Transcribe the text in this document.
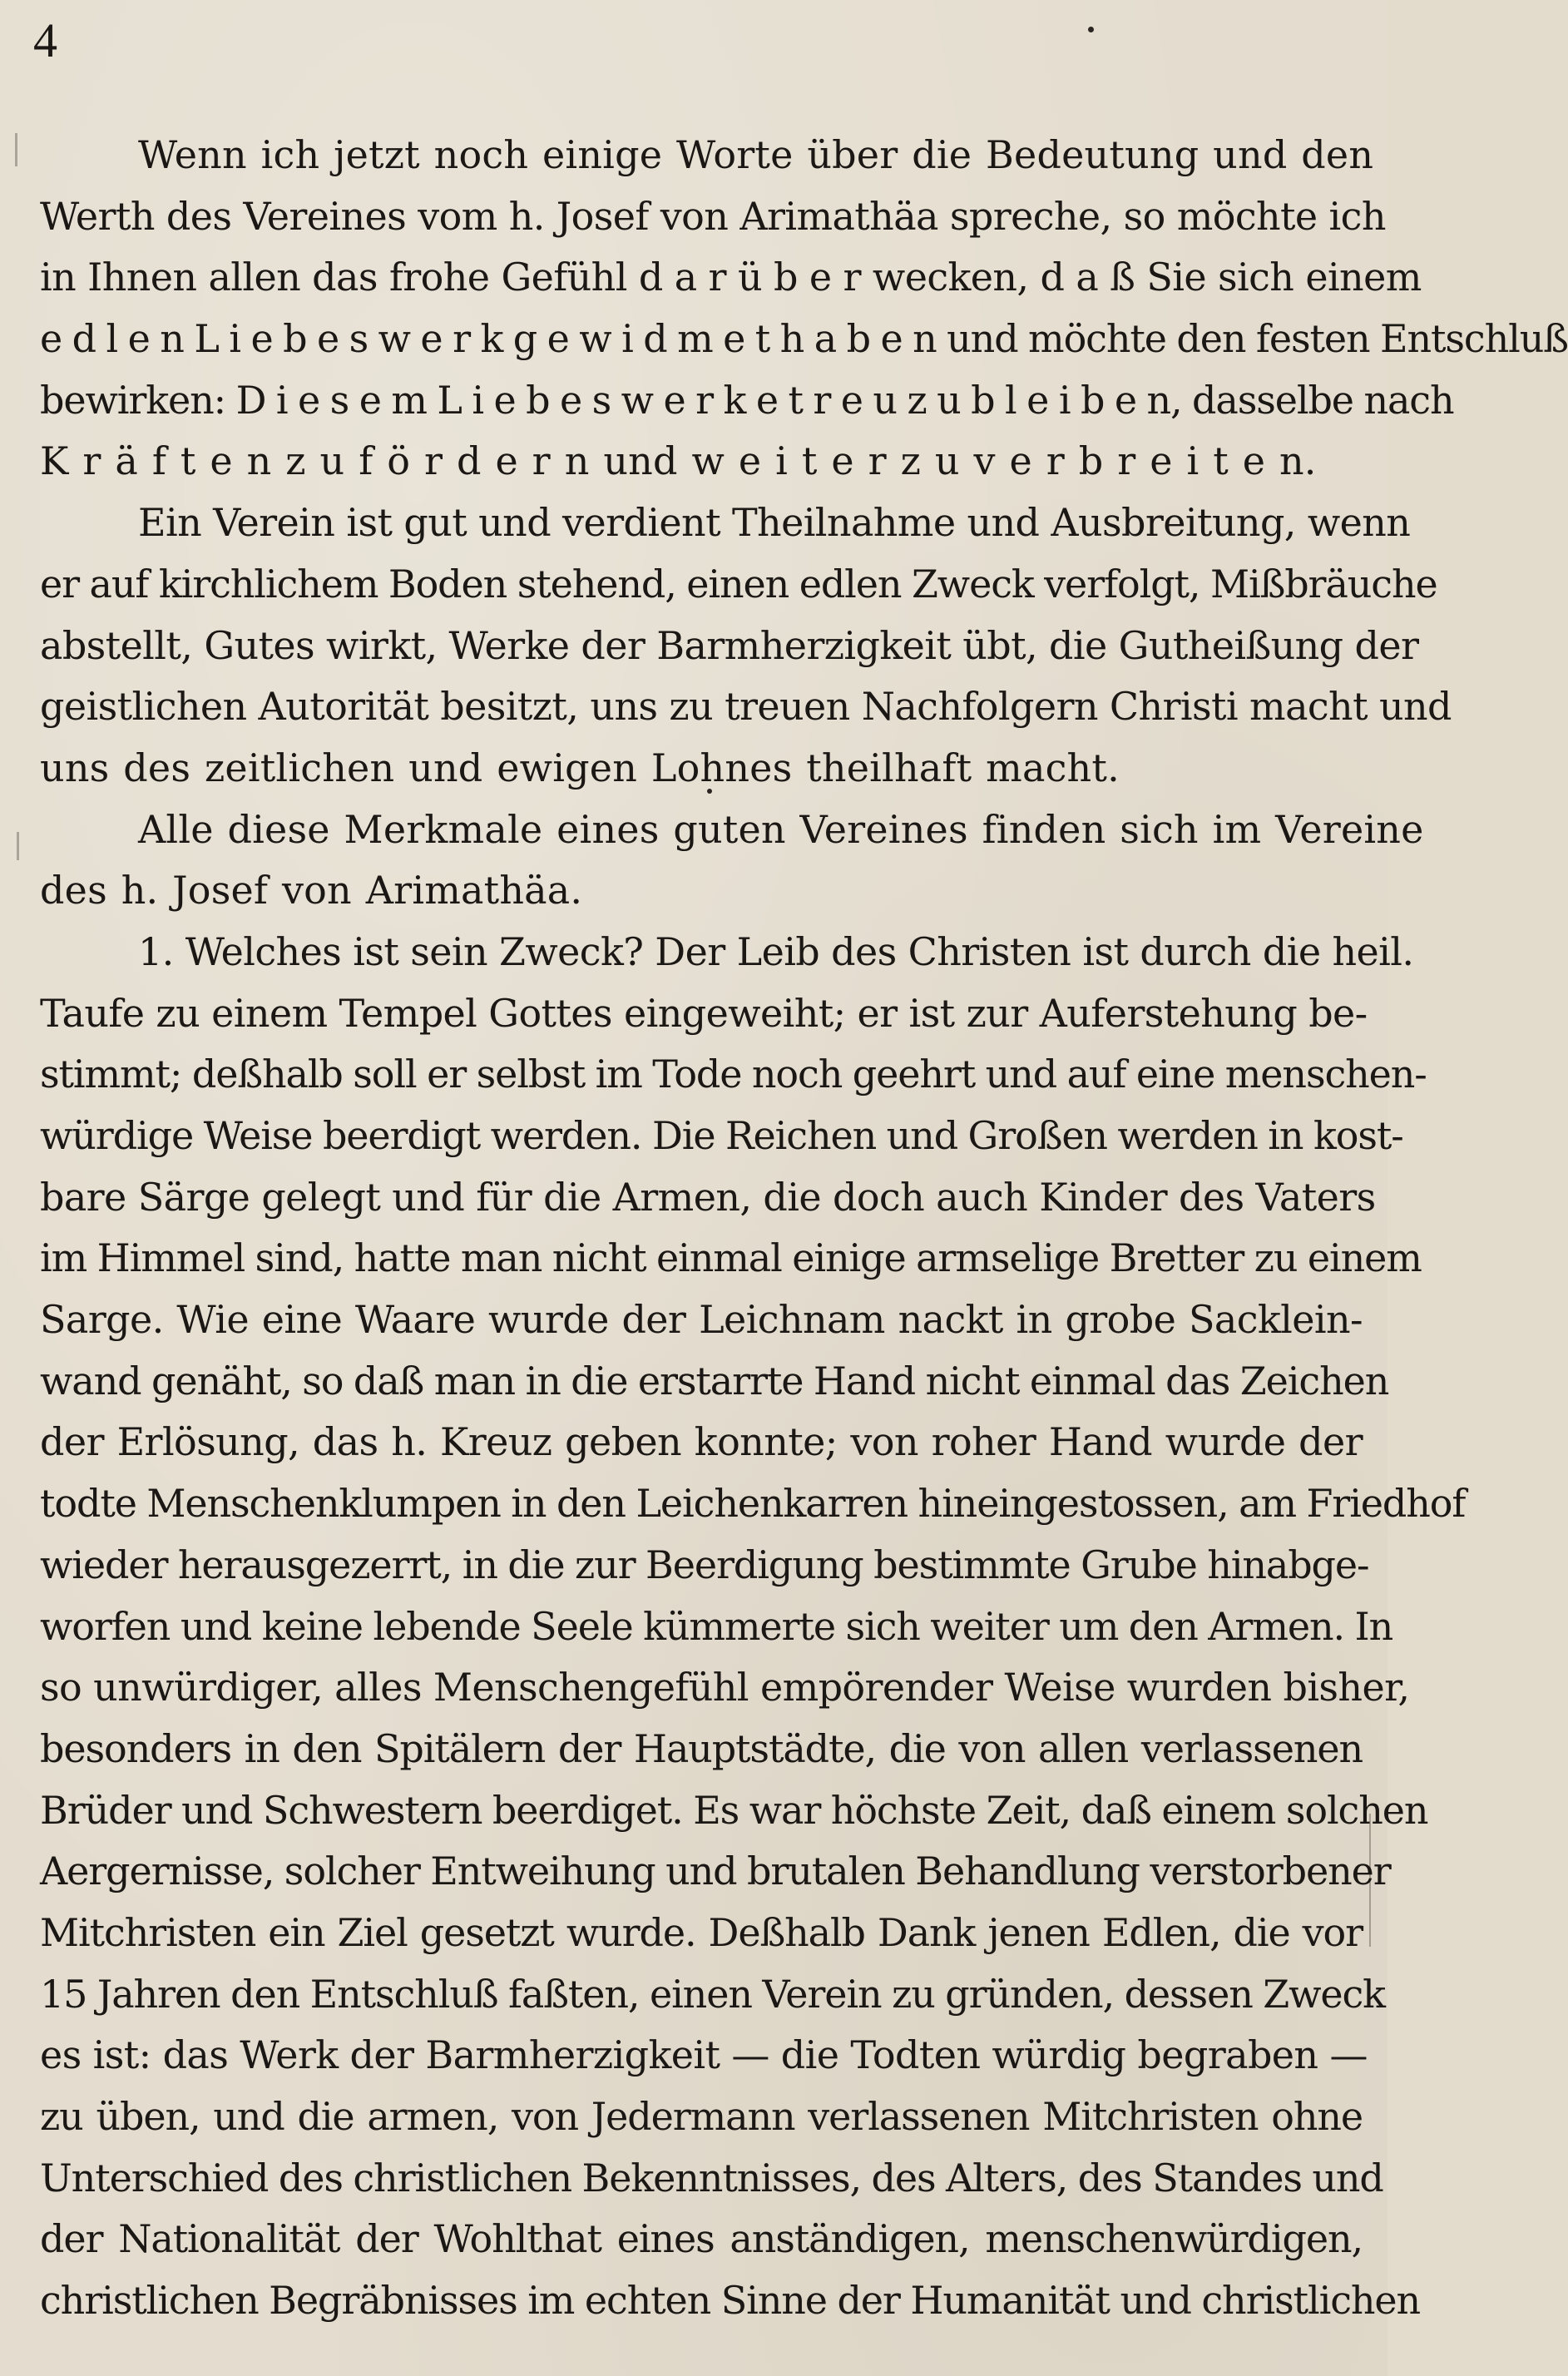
4
Wenn ich jetzt noch einige Worte über die Bedeutung und den
Werth des Vereines vom h. Josef von Arimathäa spreche, so möchte ich
in Ihnen allen das frohe Gefühl d a r ü b e r wecken, d a ß Sie sich einem
e d l e n L i e b e s w e r k g e w i d m e t h a b e n und möchte den festen Entschluß
bewirken: D i e s e m L i e b e s w e r k e t r e u z u b l e i b e n, dasselbe nach
K r ä f t e n z u f ö r d e r n und w e i t e r z u v e r b r e i t e n.
Ein Verein ist gut und verdient Theilnahme und Ausbreitung, wenn
er auf kirchlichem Boden stehend, einen edlen Zweck verfolgt, Mißbräuche
abstellt, Gutes wirkt, Werke der Barmherzigkeit übt, die Gutheißung der
geistlichen Autorität besitzt, uns zu treuen Nachfolgern Christi macht und
uns des zeitlichen und ewigen Lohnes theilhaft macht.
Alle diese Merkmale eines guten Vereines finden sich im Vereine
des h. Josef von Arimathäa.
1. Welches ist sein Zweck? Der Leib des Christen ist durch die heil.
Taufe zu einem Tempel Gottes eingeweiht; er ist zur Auferstehung be-
stimmt; deßhalb soll er selbst im Tode noch geehrt und auf eine menschen-
würdige Weise beerdigt werden. Die Reichen und Großen werden in kost-
bare Särge gelegt und für die Armen, die doch auch Kinder des Vaters
im Himmel sind, hatte man nicht einmal einige armselige Bretter zu einem
Sarge. Wie eine Waare wurde der Leichnam nackt in grobe Sacklein-
wand genäht, so daß man in die erstarrte Hand nicht einmal das Zeichen
der Erlösung, das h. Kreuz geben konnte; von roher Hand wurde der
todte Menschenklumpen in den Leichenkarren hineingestossen, am Friedhof
wieder herausgezerrt, in die zur Beerdigung bestimmte Grube hinabge-
worfen und keine lebende Seele kümmerte sich weiter um den Armen. In
so unwürdiger, alles Menschengefühl empörender Weise wurden bisher,
besonders in den Spitälern der Hauptstädte, die von allen verlassenen
Brüder und Schwestern beerdiget. Es war höchste Zeit, daß einem solchen
Aergernisse, solcher Entweihung und brutalen Behandlung verstorbener
Mitchristen ein Ziel gesetzt wurde. Deßhalb Dank jenen Edlen, die vor
15 Jahren den Entschluß faßten, einen Verein zu gründen, dessen Zweck
es ist: das Werk der Barmherzigkeit — die Todten würdig begraben —
zu üben, und die armen, von Jedermann verlassenen Mitchristen ohne
Unterschied des christlichen Bekenntnisses, des Alters, des Standes und
der Nationalität der Wohlthat eines anständigen, menschenwürdigen,
christlichen Begräbnisses im echten Sinne der Humanität und christlichen
